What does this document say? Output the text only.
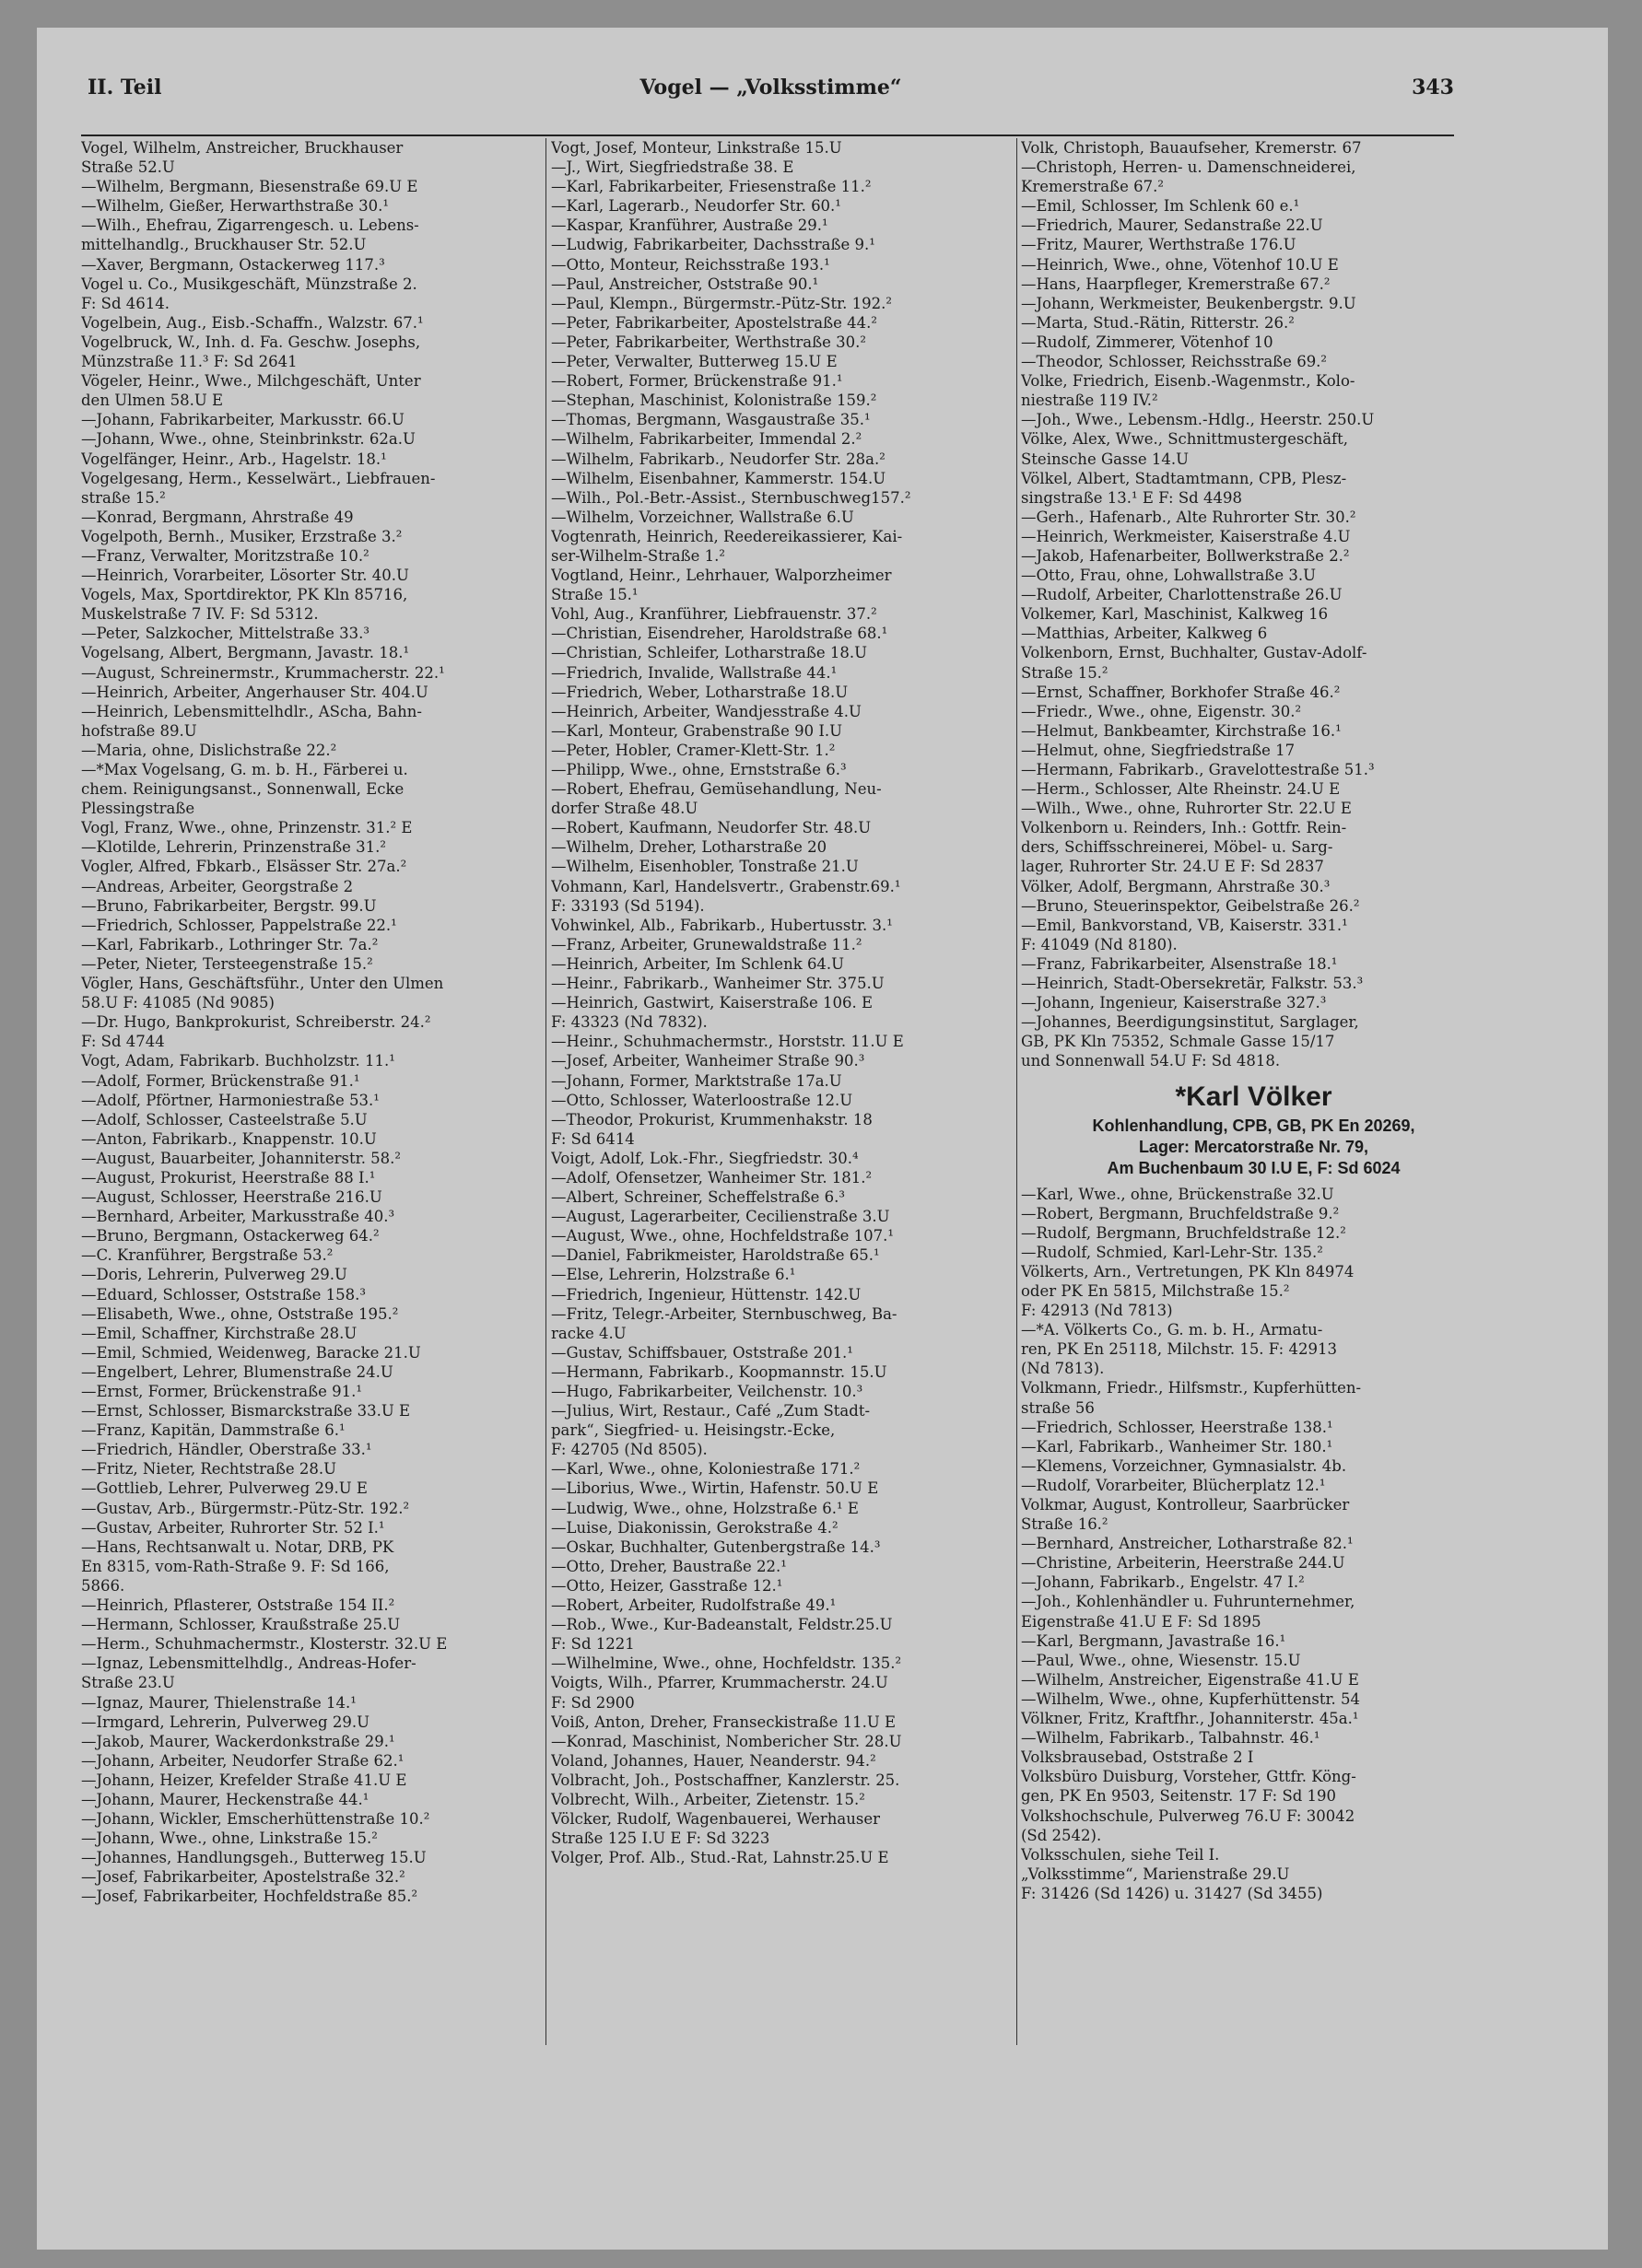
II. Teil	Vogel — „Volksstimme“	343
Vogel, Wilhelm, Anstreicher, Bruckhauser
Straße 52.U
—Wilhelm, Bergmann, Biesenstraße 69.U E
—Wilhelm, Gießer, Herwarthstraße 30.¹
—Wilh., Ehefrau, Zigarrengesch. u. Lebens-
mittelhandlg., Bruckhauser Str. 52.U
—Xaver, Bergmann, Ostackerweg 117.³
Vogel u. Co., Musikgeschäft, Münzstraße 2.
F: Sd 4614.
Vogelbein, Aug., Eisb.-Schaffn., Walzstr. 67.¹
Vogelbruck, W., Inh. d. Fa. Geschw. Josephs,
Münzstraße 11.³ F: Sd 2641
Vögeler, Heinr., Wwe., Milchgeschäft, Unter
den Ulmen 58.U E
—Johann, Fabrikarbeiter, Markusstr. 66.U
—Johann, Wwe., ohne, Steinbrinkstr. 62a.U
Vogelfänger, Heinr., Arb., Hagelstr. 18.¹
Vogelgesang, Herm., Kesselwärt., Liebfrauen-
straße 15.²
—Konrad, Bergmann, Ahrstraße 49
Vogelpoth, Bernh., Musiker, Erzstraße 3.²
—Franz, Verwalter, Moritzstraße 10.²
—Heinrich, Vorarbeiter, Lösorter Str. 40.U
Vogels, Max, Sportdirektor, PK Kln 85716,
Muskelstraße 7 IV. F: Sd 5312.
—Peter, Salzkocher, Mittelstraße 33.³
Vogelsang, Albert, Bergmann, Javastr. 18.¹
—August, Schreinermstr., Krummacherstr. 22.¹
—Heinrich, Arbeiter, Angerhauser Str. 404.U
—Heinrich, Lebensmittelhdlr., AScha, Bahn-
hofstraße 89.U
—Maria, ohne, Dislichstraße 22.²
—*Max Vogelsang, G. m. b. H., Färberei u.
chem. Reinigungsanst., Sonnenwall, Ecke
Plessingstraße
Vogl, Franz, Wwe., ohne, Prinzenstr. 31.² E
—Klotilde, Lehrerin, Prinzenstraße 31.²
Vogler, Alfred, Fbkarb., Elsässer Str. 27a.²
—Andreas, Arbeiter, Georgstraße 2
—Bruno, Fabrikarbeiter, Bergstr. 99.U
—Friedrich, Schlosser, Pappelstraße 22.¹
—Karl, Fabrikarb., Lothringer Str. 7a.²
—Peter, Nieter, Tersteegenstraße 15.²
Vögler, Hans, Geschäftsführ., Unter den Ulmen
58.U F: 41085 (Nd 9085)
—Dr. Hugo, Bankprokurist, Schreiberstr. 24.²
F: Sd 4744
Vogt, Adam, Fabrikarb. Buchholzstr. 11.¹
—Adolf, Former, Brückenstraße 91.¹
—Adolf, Pförtner, Harmoniestraße 53.¹
—Adolf, Schlosser, Casteelstraße 5.U
—Anton, Fabrikarb., Knappenstr. 10.U
—August, Bauarbeiter, Johanniterstr. 58.²
—August, Prokurist, Heerstraße 88 I.¹
—August, Schlosser, Heerstraße 216.U
—Bernhard, Arbeiter, Markusstraße 40.³
—Bruno, Bergmann, Ostackerweg 64.²
—C. Kranführer, Bergstraße 53.²
—Doris, Lehrerin, Pulverweg 29.U
—Eduard, Schlosser, Oststraße 158.³
—Elisabeth, Wwe., ohne, Oststraße 195.²
—Emil, Schaffner, Kirchstraße 28.U
—Emil, Schmied, Weidenweg, Baracke 21.U
—Engelbert, Lehrer, Blumenstraße 24.U
—Ernst, Former, Brückenstraße 91.¹
—Ernst, Schlosser, Bismarckstraße 33.U E
—Franz, Kapitän, Dammstraße 6.¹
—Friedrich, Händler, Oberstraße 33.¹
—Fritz, Nieter, Rechtstraße 28.U
—Gottlieb, Lehrer, Pulverweg 29.U E
—Gustav, Arb., Bürgermstr.-Pütz-Str. 192.²
—Gustav, Arbeiter, Ruhrorter Str. 52 I.¹
—Hans, Rechtsanwalt u. Notar, DRB, PK
En 8315, vom-Rath-Straße 9. F: Sd 166,
5866.
—Heinrich, Pflasterer, Oststraße 154 II.²
—Hermann, Schlosser, Kraußstraße 25.U
—Herm., Schuhmachermstr., Klosterstr. 32.U E
—Ignaz, Lebensmittelhdlg., Andreas-Hofer-
Straße 23.U
—Ignaz, Maurer, Thielenstraße 14.¹
—Irmgard, Lehrerin, Pulverweg 29.U
—Jakob, Maurer, Wackerdonkstraße 29.¹
—Johann, Arbeiter, Neudorfer Straße 62.¹
—Johann, Heizer, Krefelder Straße 41.U E
—Johann, Maurer, Heckenstraße 44.¹
—Johann, Wickler, Emscherhüttenstraße 10.²
—Johann, Wwe., ohne, Linkstraße 15.²
—Johannes, Handlungsgeh., Butterweg 15.U
—Josef, Fabrikarbeiter, Apostelstraße 32.²
—Josef, Fabrikarbeiter, Hochfeldstraße 85.²
Vogt, Josef, Monteur, Linkstraße 15.U
—J., Wirt, Siegfriedstraße 38. E
—Karl, Fabrikarbeiter, Friesenstraße 11.²
—Karl, Lagerarb., Neudorfer Str. 60.¹
—Kaspar, Kranführer, Austraße 29.¹
—Ludwig, Fabrikarbeiter, Dachsstraße 9.¹
—Otto, Monteur, Reichsstraße 193.¹
—Paul, Anstreicher, Oststraße 90.¹
—Paul, Klempn., Bürgermstr.-Pütz-Str. 192.²
—Peter, Fabrikarbeiter, Apostelstraße 44.²
—Peter, Fabrikarbeiter, Werthstraße 30.²
—Peter, Verwalter, Butterweg 15.U E
—Robert, Former, Brückenstraße 91.¹
—Stephan, Maschinist, Kolonistraße 159.²
—Thomas, Bergmann, Wasgaustraße 35.¹
—Wilhelm, Fabrikarbeiter, Immendal 2.²
—Wilhelm, Fabrikarb., Neudorfer Str. 28a.²
—Wilhelm, Eisenbahner, Kammerstr. 154.U
—Wilh., Pol.-Betr.-Assist., Sternbuschweg157.²
—Wilhelm, Vorzeichner, Wallstraße 6.U
Vogtenrath, Heinrich, Reedereikassierer, Kai-
ser-Wilhelm-Straße 1.²
Vogtland, Heinr., Lehrhauer, Walporzheimer
Straße 15.¹
Vohl, Aug., Kranführer, Liebfrauenstr. 37.²
—Christian, Eisendreher, Haroldstraße 68.¹
—Christian, Schleifer, Lotharstraße 18.U
—Friedrich, Invalide, Wallstraße 44.¹
—Friedrich, Weber, Lotharstraße 18.U
—Heinrich, Arbeiter, Wandjesstraße 4.U
—Karl, Monteur, Grabenstraße 90 I.U
—Peter, Hobler, Cramer-Klett-Str. 1.²
—Philipp, Wwe., ohne, Ernststraße 6.³
—Robert, Ehefrau, Gemüsehandlung, Neu-
dorfer Straße 48.U
—Robert, Kaufmann, Neudorfer Str. 48.U
—Wilhelm, Dreher, Lotharstraße 20
—Wilhelm, Eisenhobler, Tonstraße 21.U
Vohmann, Karl, Handelsvertr., Grabenstr.69.¹
F: 33193 (Sd 5194).
Vohwinkel, Alb., Fabrikarb., Hubertusstr. 3.¹
—Franz, Arbeiter, Grunewaldstraße 11.²
—Heinrich, Arbeiter, Im Schlenk 64.U
—Heinr., Fabrikarb., Wanheimer Str. 375.U
—Heinrich, Gastwirt, Kaiserstraße 106. E
F: 43323 (Nd 7832).
—Heinr., Schuhmachermstr., Horststr. 11.U E
—Josef, Arbeiter, Wanheimer Straße 90.³
—Johann, Former, Marktstraße 17a.U
—Otto, Schlosser, Waterloostraße 12.U
—Theodor, Prokurist, Krummenhakstr. 18
F: Sd 6414
Voigt, Adolf, Lok.-Fhr., Siegfriedstr. 30.⁴
—Adolf, Ofensetzer, Wanheimer Str. 181.²
—Albert, Schreiner, Scheffelstraße 6.³
—August, Lagerarbeiter, Cecilienstraße 3.U
—August, Wwe., ohne, Hochfeldstraße 107.¹
—Daniel, Fabrikmeister, Haroldstraße 65.¹
—Else, Lehrerin, Holzstraße 6.¹
—Friedrich, Ingenieur, Hüttenstr. 142.U
—Fritz, Telegr.-Arbeiter, Sternbuschweg, Ba-
racke 4.U
—Gustav, Schiffsbauer, Oststraße 201.¹
—Hermann, Fabrikarb., Koopmannstr. 15.U
—Hugo, Fabrikarbeiter, Veilchenstr. 10.³
—Julius, Wirt, Restaur., Café „Zum Stadt-
park“, Siegfried- u. Heisingstr.-Ecke,
F: 42705 (Nd 8505).
—Karl, Wwe., ohne, Koloniestraße 171.²
—Liborius, Wwe., Wirtin, Hafenstr. 50.U E
—Ludwig, Wwe., ohne, Holzstraße 6.¹ E
—Luise, Diakonissin, Gerokstraße 4.²
—Oskar, Buchhalter, Gutenbergstraße 14.³
—Otto, Dreher, Baustraße 22.¹
—Otto, Heizer, Gasstraße 12.¹
—Robert, Arbeiter, Rudolfstraße 49.¹
—Rob., Wwe., Kur-Badeanstalt, Feldstr.25.U
F: Sd 1221
—Wilhelmine, Wwe., ohne, Hochfeldstr. 135.²
Voigts, Wilh., Pfarrer, Krummacherstr. 24.U
F: Sd 2900
Voiß, Anton, Dreher, Franseckistraße 11.U E
—Konrad, Maschinist, Nombericher Str. 28.U
Voland, Johannes, Hauer, Neanderstr. 94.²
Volbracht, Joh., Postschaffner, Kanzlerstr. 25.
Volbrecht, Wilh., Arbeiter, Zietenstr. 15.²
Völcker, Rudolf, Wagenbauerei, Werhauser
Straße 125 I.U E F: Sd 3223
Volger, Prof. Alb., Stud.-Rat, Lahnstr.25.U E
Volk, Christoph, Bauaufseher, Kremerstr. 67
—Christoph, Herren- u. Damenschneiderei,
Kremerstraße 67.²
—Emil, Schlosser, Im Schlenk 60 e.¹
—Friedrich, Maurer, Sedanstraße 22.U
—Fritz, Maurer, Werthstraße 176.U
—Heinrich, Wwe., ohne, Vötenhof 10.U E
—Hans, Haarpfleger, Kremerstraße 67.²
—Johann, Werkmeister, Beukenbergstr. 9.U
—Marta, Stud.-Rätin, Ritterstr. 26.²
—Rudolf, Zimmerer, Vötenhof 10
—Theodor, Schlosser, Reichsstraße 69.²
Volke, Friedrich, Eisenb.-Wagenmstr., Kolo-
niestraße 119 IV.²
—Joh., Wwe., Lebensm.-Hdlg., Heerstr. 250.U
Völke, Alex, Wwe., Schnittmustergeschäft,
Steinsche Gasse 14.U
Völkel, Albert, Stadtamtmann, CPB, Plesz-
singstraße 13.¹ E F: Sd 4498
—Gerh., Hafenarb., Alte Ruhrorter Str. 30.²
—Heinrich, Werkmeister, Kaiserstraße 4.U
—Jakob, Hafenarbeiter, Bollwerkstraße 2.²
—Otto, Frau, ohne, Lohwallstraße 3.U
—Rudolf, Arbeiter, Charlottenstraße 26.U
Volkemer, Karl, Maschinist, Kalkweg 16
—Matthias, Arbeiter, Kalkweg 6
Volkenborn, Ernst, Buchhalter, Gustav-Adolf-
Straße 15.²
—Ernst, Schaffner, Borkhofer Straße 46.²
—Friedr., Wwe., ohne, Eigenstr. 30.²
—Helmut, Bankbeamter, Kirchstraße 16.¹
—Helmut, ohne, Siegfriedstraße 17
—Hermann, Fabrikarb., Gravelottestraße 51.³
—Herm., Schlosser, Alte Rheinstr. 24.U E
—Wilh., Wwe., ohne, Ruhrorter Str. 22.U E
Volkenborn u. Reinders, Inh.: Gottfr. Rein-
ders, Schiffsschreinerei, Möbel- u. Sarg-
lager, Ruhrorter Str. 24.U E F: Sd 2837
Völker, Adolf, Bergmann, Ahrstraße 30.³
—Bruno, Steuerinspektor, Geibelstraße 26.²
—Emil, Bankvorstand, VB, Kaiserstr. 331.¹
F: 41049 (Nd 8180).
—Franz, Fabrikarbeiter, Alsenstraße 18.¹
—Heinrich, Stadt-Obersekretär, Falkstr. 53.³
—Johann, Ingenieur, Kaiserstraße 327.³
—Johannes, Beerdigungsinstitut, Sarglager,
GB, PK Kln 75352, Schmale Gasse 15/17
und Sonnenwall 54.U F: Sd 4818.
*Karl Völker
Kohlenhandlung, CPB, GB, PK En 20269,
Lager: Mercatorstraße Nr. 79,
Am Buchenbaum 30 I.U E, F: Sd 6024
—Karl, Wwe., ohne, Brückenstraße 32.U
—Robert, Bergmann, Bruchfeldstraße 9.²
—Rudolf, Bergmann, Bruchfeldstraße 12.²
—Rudolf, Schmied, Karl-Lehr-Str. 135.²
Völkerts, Arn., Vertretungen, PK Kln 84974
oder PK En 5815, Milchstraße 15.²
F: 42913 (Nd 7813)
—*A. Völkerts Co., G. m. b. H., Armatu-
ren, PK En 25118, Milchstr. 15. F: 42913
(Nd 7813).
Volkmann, Friedr., Hilfsmstr., Kupferhütten-
straße 56
—Friedrich, Schlosser, Heerstraße 138.¹
—Karl, Fabrikarb., Wanheimer Str. 180.¹
—Klemens, Vorzeichner, Gymnasialstr. 4b.
—Rudolf, Vorarbeiter, Blücherplatz 12.¹
Volkmar, August, Kontrolleur, Saarbrücker
Straße 16.²
—Bernhard, Anstreicher, Lotharstraße 82.¹
—Christine, Arbeiterin, Heerstraße 244.U
—Johann, Fabrikarb., Engelstr. 47 I.²
—Joh., Kohlenhändler u. Fuhrunternehmer,
Eigenstraße 41.U E F: Sd 1895
—Karl, Bergmann, Javastraße 16.¹
—Paul, Wwe., ohne, Wiesenstr. 15.U
—Wilhelm, Anstreicher, Eigenstraße 41.U E
—Wilhelm, Wwe., ohne, Kupferhüttenstr. 54
Völkner, Fritz, Kraftfhr., Johanniterstr. 45a.¹
—Wilhelm, Fabrikarb., Talbahnstr. 46.¹
Volksbrausebad, Oststraße 2 I
Volksbüro Duisburg, Vorsteher, Gttfr. Köng-
gen, PK En 9503, Seitenstr. 17 F: Sd 190
Volkshochschule, Pulverweg 76.U F: 30042
(Sd 2542).
Volksschulen, siehe Teil I.
„Volksstimme“, Marienstraße 29.U
F: 31426 (Sd 1426) u. 31427 (Sd 3455)
